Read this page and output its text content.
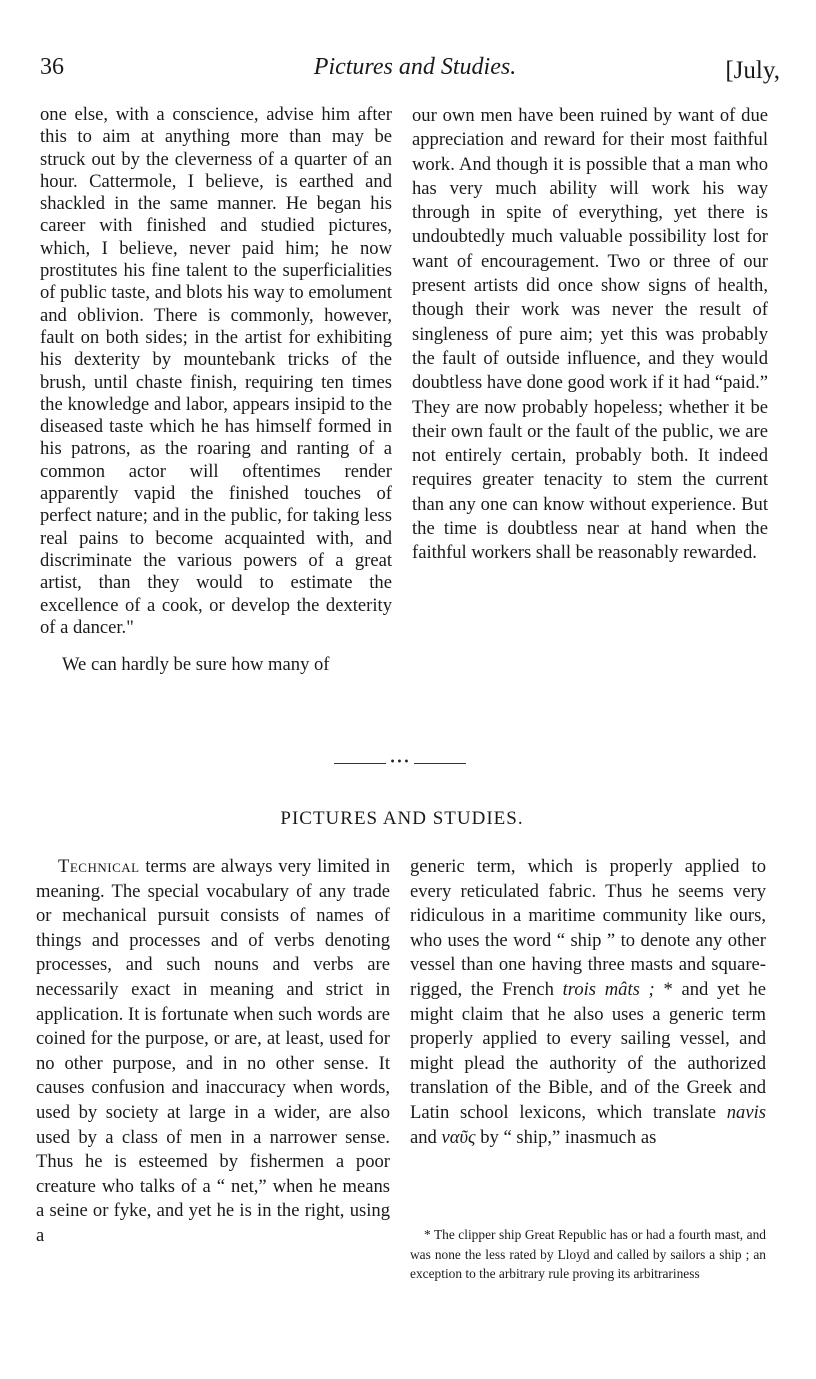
36	Pictures and Studies.	[July,

one else, with a conscience, advise him after this to aim at anything more than may be struck out by the cleverness of a quarter of an hour. Cattermole, I believe, is earthed and shackled in the same manner. He began his career with finished and studied pictures, which, I believe, never paid him; he now prostitutes his fine talent to the superficialities of public taste, and blots his way to emolument and oblivion. There is commonly, however, fault on both sides; in the artist for exhibiting his dexterity by mountebank tricks of the brush, until chaste finish, requiring ten times the knowledge and labor, appears insipid to the diseased taste which he has himself formed in his patrons, as the roaring and ranting of a common actor will oftentimes render apparently vapid the finished touches of perfect nature; and in the public, for taking less real pains to become acquainted with, and discriminate the various powers of a great artist, than they would to estimate the excellence of a cook, or develop the dexterity of a dancer."

We can hardly be sure how many of

our own men have been ruined by want of due appreciation and reward for their most faithful work. And though it is possible that a man who has very much ability will work his way through in spite of everything, yet there is undoubtedly much valuable possibility lost for want of encouragement. Two or three of our present artists did once show signs of health, though their work was never the result of singleness of pure aim; yet this was probably the fault of outside influence, and they would doubtless have done good work if it had “paid.” They are now probably hopeless; whether it be their own fault or the fault of the public, we are not entirely certain, probably both. It indeed requires greater tenacity to stem the current than any one can know without experience. But the time is doubtless near at hand when the faithful workers shall be reasonably rewarded.

•••
PICTURES AND STUDIES.

Technical terms are always very limited in meaning. The special vocabulary of any trade or mechanical pursuit consists of names of things and processes and of verbs denoting processes, and such nouns and verbs are necessarily exact in meaning and strict in application. It is fortunate when such words are coined for the purpose, or are, at least, used for no other purpose, and in no other sense. It causes confusion and inaccuracy when words, used by society at large in a wider, are also used by a class of men in a narrower sense. Thus he is esteemed by fishermen a poor creature who talks of a “ net,” when he means a seine or fyke, and yet he is in the right, using a

generic term, which is properly applied to every reticulated fabric. Thus he seems very ridiculous in a maritime community like ours, who uses the word “ ship ” to denote any other vessel than one having three masts and square-rigged, the French trois mâts ; * and yet he might claim that he also uses a generic term properly applied to every sailing vessel, and might plead the authority of the authorized translation of the Bible, and of the Greek and Latin school lexicons, which translate navis and ναῦς by “ ship,” inasmuch as

* The clipper ship Great Republic has or had a fourth mast, and was none the less rated by Lloyd and called by sailors a ship ; an exception to the arbitrary rule proving its arbitrariness
